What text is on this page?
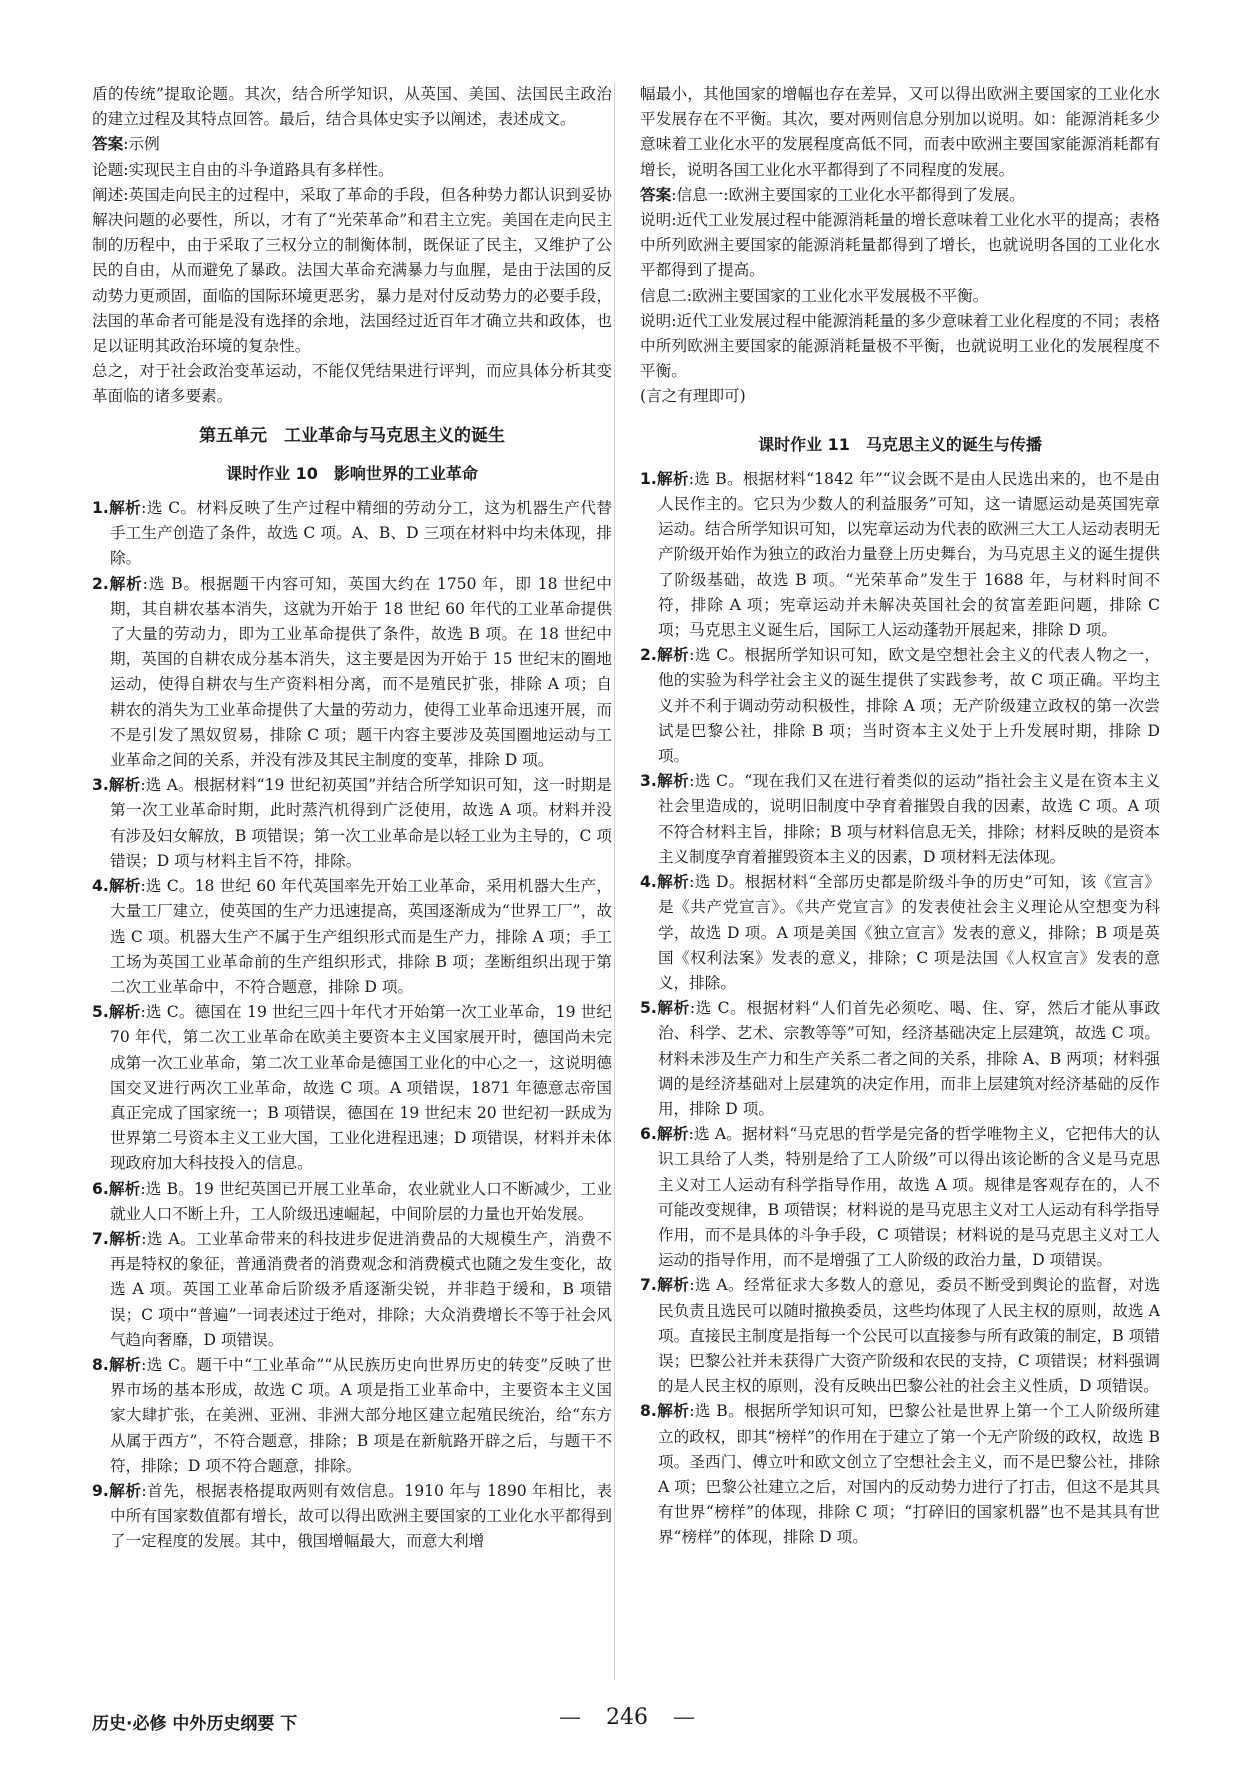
盾的传统”提取论题。其次，结合所学知识，从英国、美国、法国民主政治的建立过程及其特点回答。最后，结合具体史实予以阐述，表述成文。

答案:示例

论题:实现民主自由的斗争道路具有多样性。

阐述:英国走向民主的过程中，采取了革命的手段，但各种势力都认识到妥协解决问题的必要性，所以，才有了“光荣革命”和君主立宪。美国在走向民主制的历程中，由于采取了三权分立的制衡体制，既保证了民主，又维护了公民的自由，从而避免了暴政。法国大革命充满暴力与血腥，是由于法国的反动势力更顽固，面临的国际环境更恶劣，暴力是对付反动势力的必要手段，法国的革命者可能是没有选择的余地，法国经过近百年才确立共和政体，也足以证明其政治环境的复杂性。

总之，对于社会政治变革运动，不能仅凭结果进行评判，而应具体分析其变革面临的诸多要素。

第五单元　工业革命与马克思主义的诞生
课时作业 10　影响世界的工业革命

1.解析:选 C。材料反映了生产过程中精细的劳动分工，这为机器生产代替手工生产创造了条件，故选 C 项。A、B、D 三项在材料中均未体现，排除。

2.解析:选 B。根据题干内容可知，英国大约在 1750 年，即 18 世纪中期，其自耕农基本消失，这就为开始于 18 世纪 60 年代的工业革命提供了大量的劳动力，即为工业革命提供了条件，故选 B 项。在 18 世纪中期，英国的自耕农成分基本消失，这主要是因为开始于 15 世纪末的圈地运动，使得自耕农与生产资料相分离，而不是殖民扩张，排除 A 项；自耕农的消失为工业革命提供了大量的劳动力，使得工业革命迅速开展，而不是引发了黑奴贸易，排除 C 项；题干内容主要涉及英国圈地运动与工业革命之间的关系，并没有涉及其民主制度的变革，排除 D 项。

3.解析:选 A。根据材料“19 世纪初英国”并结合所学知识可知，这一时期是第一次工业革命时期，此时蒸汽机得到广泛使用，故选 A 项。材料并没有涉及妇女解放，B 项错误；第一次工业革命是以轻工业为主导的，C 项错误；D 项与材料主旨不符，排除。

4.解析:选 C。18 世纪 60 年代英国率先开始工业革命，采用机器大生产，大量工厂建立，使英国的生产力迅速提高，英国逐渐成为“世界工厂”，故选 C 项。机器大生产不属于生产组织形式而是生产力，排除 A 项；手工工场为英国工业革命前的生产组织形式，排除 B 项；垄断组织出现于第二次工业革命中，不符合题意，排除 D 项。

5.解析:选 C。德国在 19 世纪三四十年代才开始第一次工业革命，19 世纪 70 年代，第二次工业革命在欧美主要资本主义国家展开时，德国尚未完成第一次工业革命，第二次工业革命是德国工业化的中心之一，这说明德国交叉进行两次工业革命，故选 C 项。A 项错误，1871 年德意志帝国真正完成了国家统一；B 项错误，德国在 19 世纪末 20 世纪初一跃成为世界第二号资本主义工业大国，工业化进程迅速；D 项错误，材料并未体现政府加大科技投入的信息。

6.解析:选 B。19 世纪英国已开展工业革命，农业就业人口不断减少，工业就业人口不断上升，工人阶级迅速崛起，中间阶层的力量也开始发展。

7.解析:选 A。工业革命带来的科技进步促进消费品的大规模生产，消费不再是特权的象征，普通消费者的消费观念和消费模式也随之发生变化，故选 A 项。英国工业革命后阶级矛盾逐渐尖锐，并非趋于缓和，B 项错误；C 项中“普遍”一词表述过于绝对，排除；大众消费增长不等于社会风气趋向奢靡，D 项错误。

8.解析:选 C。题干中“工业革命”“从民族历史向世界历史的转变”反映了世界市场的基本形成，故选 C 项。A 项是指工业革命中，主要资本主义国家大肆扩张，在美洲、亚洲、非洲大部分地区建立起殖民统治，给“东方从属于西方”，不符合题意，排除；B 项是在新航路开辟之后，与题干不符，排除；D 项不符合题意，排除。

9.解析:首先，根据表格提取两则有效信息。1910 年与 1890 年相比，表中所有国家数值都有增长，故可以得出欧洲主要国家的工业化水平都得到了一定程度的发展。其中，俄国增幅最大，而意大利增

幅最小，其他国家的增幅也存在差异，又可以得出欧洲主要国家的工业化水平发展存在不平衡。其次，要对两则信息分别加以说明。如：能源消耗多少意味着工业化水平的发展程度高低不同，而表中欧洲主要国家能源消耗都有增长，说明各国工业化水平都得到了不同程度的发展。

答案:信息一:欧洲主要国家的工业化水平都得到了发展。

说明:近代工业发展过程中能源消耗量的增长意味着工业化水平的提高；表格中所列欧洲主要国家的能源消耗量都得到了增长，也就说明各国的工业化水平都得到了提高。

信息二:欧洲主要国家的工业化水平发展极不平衡。

说明:近代工业发展过程中能源消耗量的多少意味着工业化程度的不同；表格中所列欧洲主要国家的能源消耗量极不平衡，也就说明工业化的发展程度不平衡。

(言之有理即可)

课时作业 11　马克思主义的诞生与传播

1.解析:选 B。根据材料“1842 年”“议会既不是由人民选出来的，也不是由人民作主的。它只为少数人的利益服务”可知，这一请愿运动是英国宪章运动。结合所学知识可知，以宪章运动为代表的欧洲三大工人运动表明无产阶级开始作为独立的政治力量登上历史舞台，为马克思主义的诞生提供了阶级基础，故选 B 项。“光荣革命”发生于 1688 年，与材料时间不符，排除 A 项；宪章运动并未解决英国社会的贫富差距问题，排除 C 项；马克思主义诞生后，国际工人运动蓬勃开展起来，排除 D 项。

2.解析:选 C。根据所学知识可知，欧文是空想社会主义的代表人物之一，他的实验为科学社会主义的诞生提供了实践参考，故 C 项正确。平均主义并不利于调动劳动积极性，排除 A 项；无产阶级建立政权的第一次尝试是巴黎公社，排除 B 项；当时资本主义处于上升发展时期，排除 D 项。

3.解析:选 C。“现在我们又在进行着类似的运动”指社会主义是在资本主义社会里造成的，说明旧制度中孕育着摧毁自我的因素，故选 C 项。A 项不符合材料主旨，排除；B 项与材料信息无关，排除；材料反映的是资本主义制度孕育着摧毁资本主义的因素，D 项材料无法体现。

4.解析:选 D。根据材料“全部历史都是阶级斗争的历史”可知，该《宣言》是《共产党宣言》。《共产党宣言》的发表使社会主义理论从空想变为科学，故选 D 项。A 项是美国《独立宣言》发表的意义，排除；B 项是英国《权利法案》发表的意义，排除；C 项是法国《人权宣言》发表的意义，排除。

5.解析:选 C。根据材料“人们首先必须吃、喝、住、穿，然后才能从事政治、科学、艺术、宗教等等”可知，经济基础决定上层建筑，故选 C 项。材料未涉及生产力和生产关系二者之间的关系，排除 A、B 两项；材料强调的是经济基础对上层建筑的决定作用，而非上层建筑对经济基础的反作用，排除 D 项。

6.解析:选 A。据材料“马克思的哲学是完备的哲学唯物主义，它把伟大的认识工具给了人类，特别是给了工人阶级”可以得出该论断的含义是马克思主义对工人运动有科学指导作用，故选 A 项。规律是客观存在的，人不可能改变规律，B 项错误；材料说的是马克思主义对工人运动有科学指导作用，而不是具体的斗争手段，C 项错误；材料说的是马克思主义对工人运动的指导作用，而不是增强了工人阶级的政治力量，D 项错误。

7.解析:选 A。经常征求大多数人的意见，委员不断受到舆论的监督，对选民负责且选民可以随时撤换委员，这些均体现了人民主权的原则，故选 A 项。直接民主制度是指每一个公民可以直接参与所有政策的制定，B 项错误；巴黎公社并未获得广大资产阶级和农民的支持，C 项错误；材料强调的是人民主权的原则，没有反映出巴黎公社的社会主义性质，D 项错误。

8.解析:选 B。根据所学知识可知，巴黎公社是世界上第一个工人阶级所建立的政权，即其“榜样”的作用在于建立了第一个无产阶级的政权，故选 B 项。圣西门、傅立叶和欧文创立了空想社会主义，而不是巴黎公社，排除 A 项；巴黎公社建立之后，对国内的反动势力进行了打击，但这不是其具有世界“榜样”的体现，排除 C 项；“打碎旧的国家机器”也不是其具有世界“榜样”的体现，排除 D 项。

历史·必修 中外历史纲要 下	— 246 —
